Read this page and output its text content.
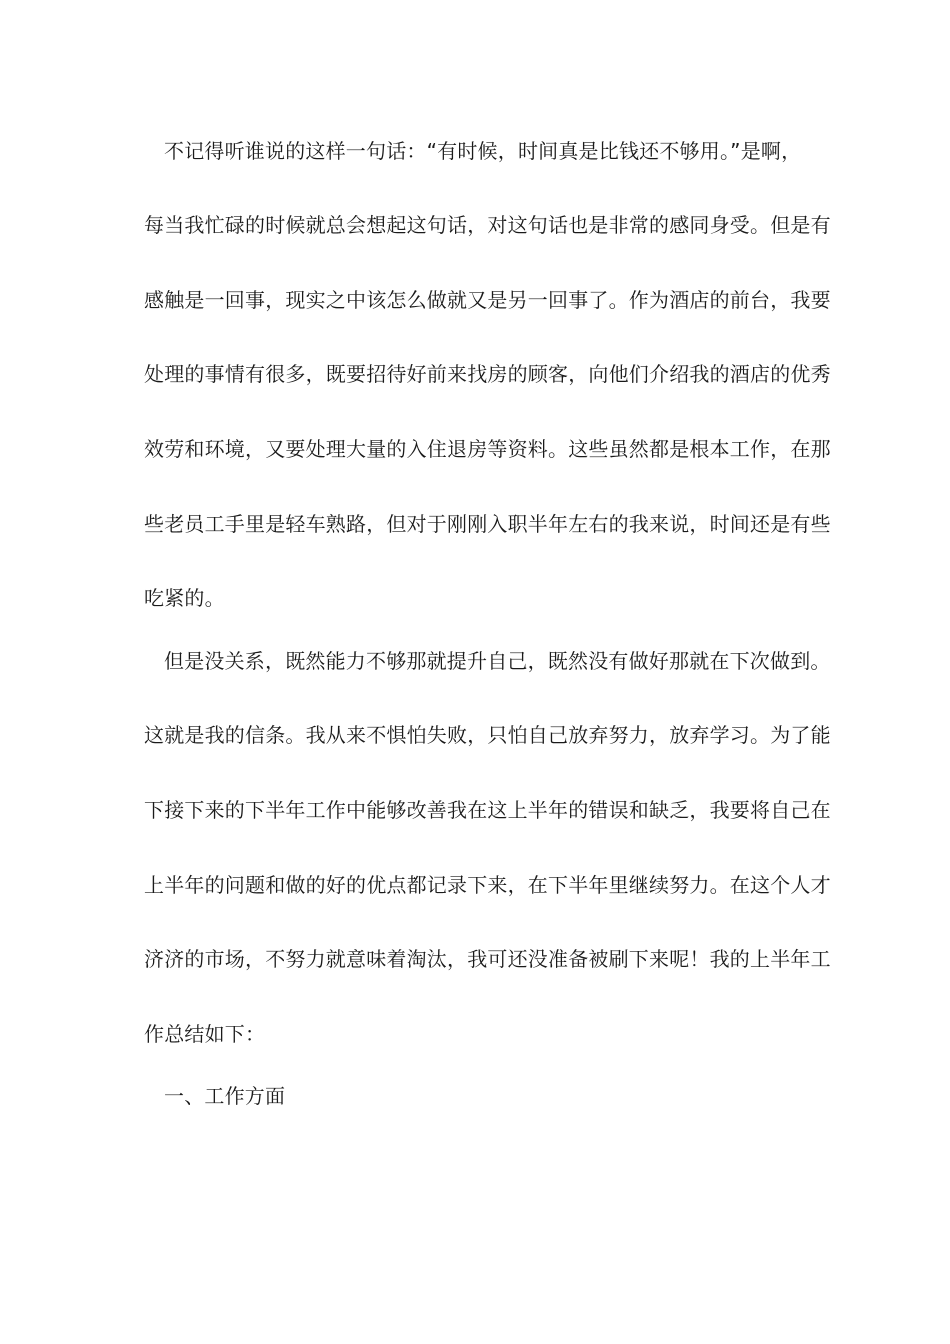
不记得听谁说的这样一句话：“有时候，时间真是比钱还不够用。”是啊，
每当我忙碌的时候就总会想起这句话，对这句话也是非常的感同身受。但是有
感触是一回事，现实之中该怎么做就又是另一回事了。作为酒店的前台，我要
处理的事情有很多，既要招待好前来找房的顾客，向他们介绍我的酒店的优秀
效劳和环境，又要处理大量的入住退房等资料。这些虽然都是根本工作，在那
些老员工手里是轻车熟路，但对于刚刚入职半年左右的我来说，时间还是有些
吃紧的。
但是没关系，既然能力不够那就提升自己，既然没有做好那就在下次做到。
这就是我的信条。我从来不惧怕失败，只怕自己放弃努力，放弃学习。为了能
下接下来的下半年工作中能够改善我在这上半年的错误和缺乏，我要将自己在
上半年的问题和做的好的优点都记录下来，在下半年里继续努力。在这个人才
济济的市场，不努力就意味着淘汰，我可还没准备被刷下来呢！我的上半年工
作总结如下：
一、工作方面
